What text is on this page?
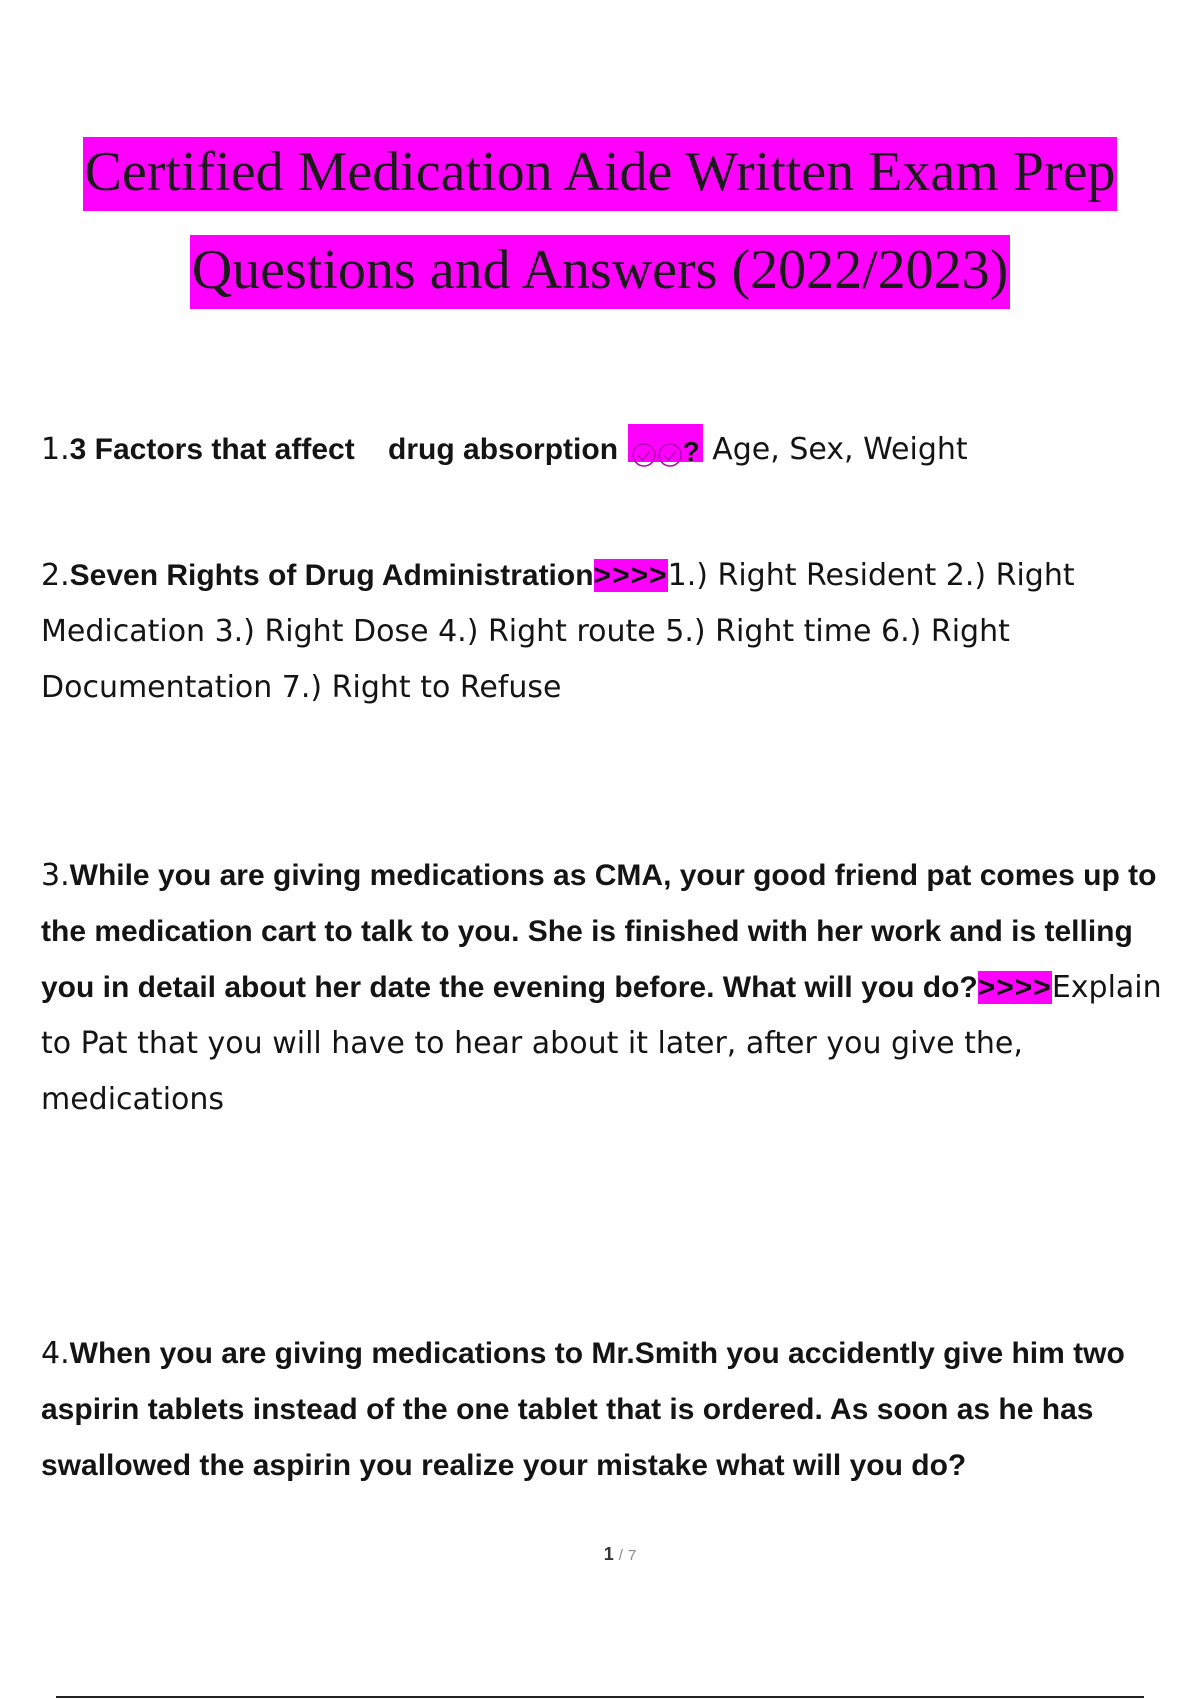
Certified Medication Aide Written Exam Prep
Questions and Answers (2022/2023)
1.3 Factors that affect    drug absorption ? Age, Sex, Weight
2.Seven Rights of Drug Administration>>>>1.) Right Resident 2.) Right Medication 3.) Right Dose 4.) Right route 5.) Right time 6.) Right Documentation 7.) Right to Refuse
3.While you are giving medications as CMA, your good friend pat comes up to the medication cart to talk to you. She is finished with her work and is telling you in detail about her date the evening before. What will you do?>>>>Explain to Pat that you will have to hear about it later, after you give the, medications
4.When you are giving medications to Mr.Smith you accidently give him two aspirin tablets instead of the one tablet that is ordered. As soon as he has swallowed the aspirin you realize your mistake what will you do?
1 / 7
